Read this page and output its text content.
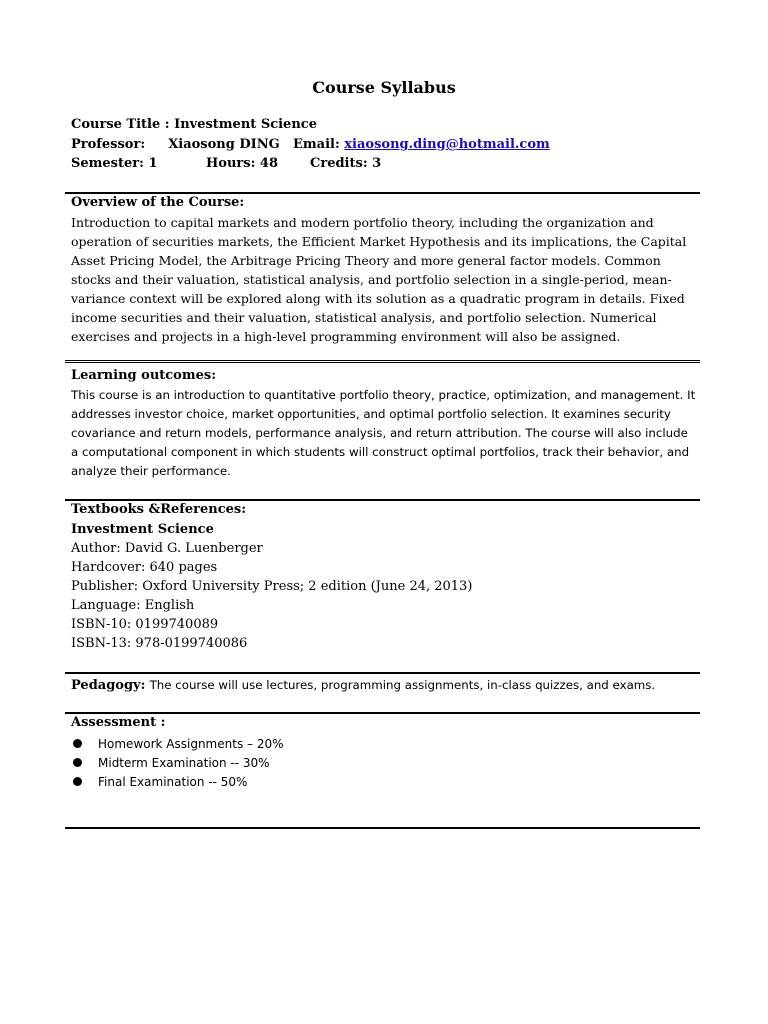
Course Syllabus
Course Title : Investment Science
Professor: Xiaosong DING Email: xiaosong.ding@hotmail.com
Semester: 1	Hours: 48 Credits: 3
Overview of the Course:

Introduction to capital markets and modern portfolio theory, including the organization and operation of securities markets, the Efficient Market Hypothesis and its implications, the Capital Asset Pricing Model, the Arbitrage Pricing Theory and more general factor models. Common stocks and their valuation, statistical analysis, and portfolio selection in a single-period, mean-variance context will be explored along with its solution as a quadratic program in details. Fixed income securities and their valuation, statistical analysis, and portfolio selection. Numerical exercises and projects in a high-level programming environment will also be assigned.

Learning outcomes:

This course is an introduction to quantitative portfolio theory, practice, optimization, and management. It addresses investor choice, market opportunities, and optimal portfolio selection. It examines security covariance and return models, performance analysis, and return attribution. The course will also include a computational component in which students will construct optimal portfolios, track their behavior, and analyze their performance.

Textbooks &References:
Investment Science
Author: David G. Luenberger
Hardcover: 640 pages
Publisher: Oxford University Press; 2 edition (June 24, 2013)
Language: English
ISBN-10: 0199740089
ISBN-13: 978-0199740086
Pedagogy: The course will use lectures, programming assignments, in-class quizzes, and exams.
Assessment :
Homework Assignments – 20%
Midterm Examination -- 30%
Final Examination -- 50%
